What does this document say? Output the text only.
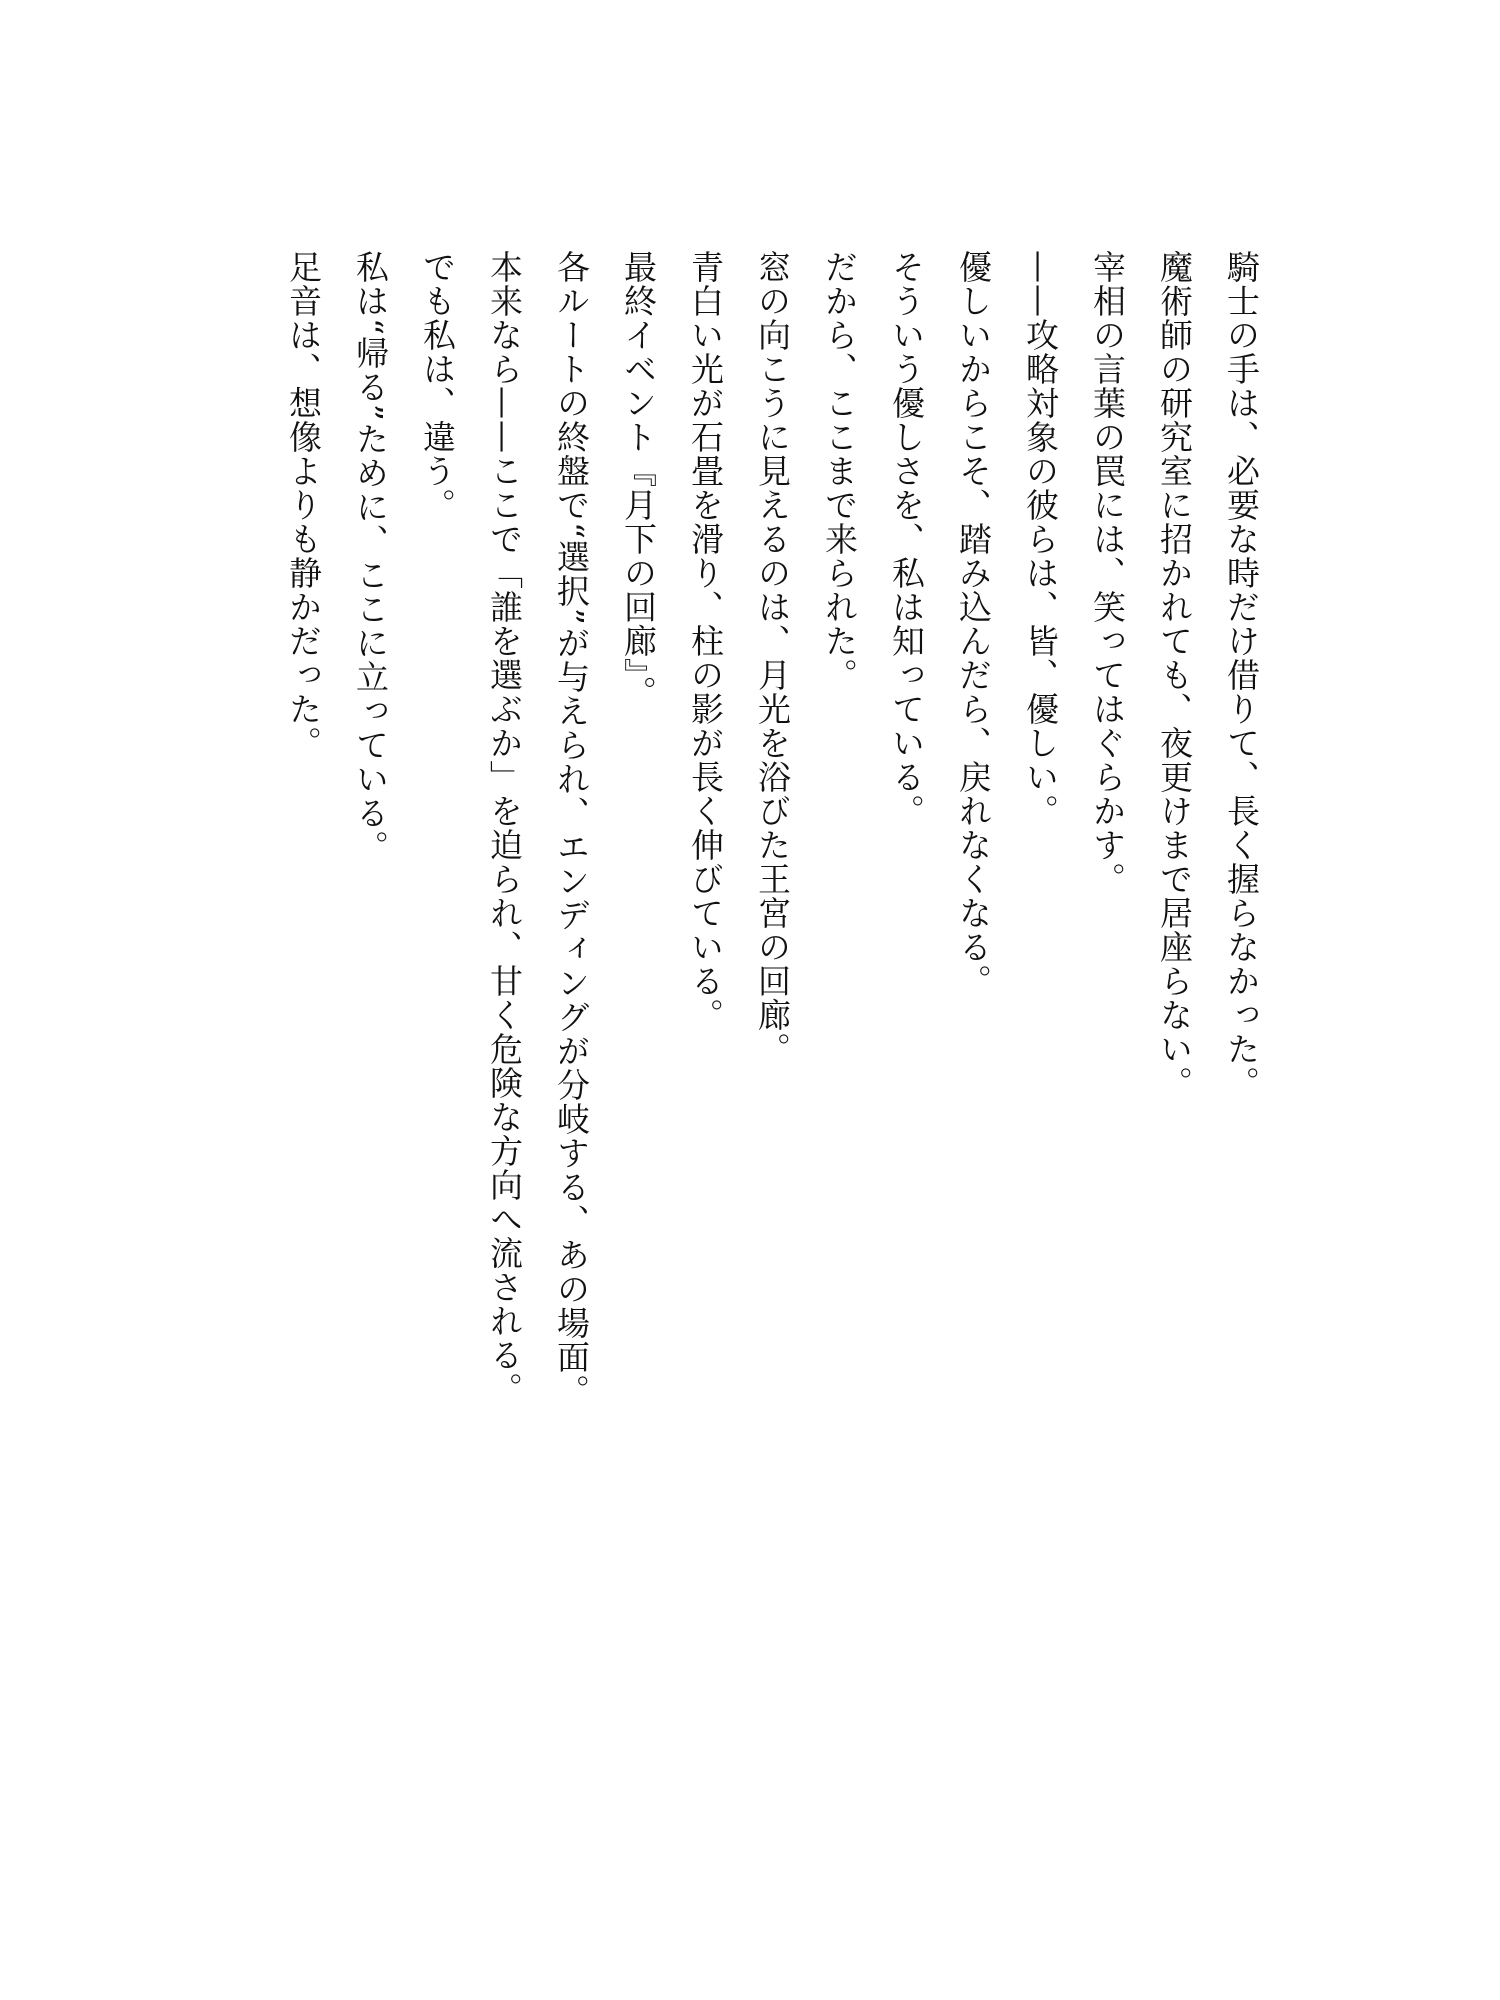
騎士の手は、必要な時だけ借りて、長く握らなかった。
魔術師の研究室に招かれても、夜更けまで居座らない。
宰相の言葉の罠には、笑ってはぐらかす。
——攻略対象の彼らは、皆、優しい。
優しいからこそ、踏み込んだら、戻れなくなる。
そういう優しさを、私は知っている。
だから、ここまで来られた。
窓の向こうに見えるのは、月光を浴びた王宮の回廊。
青白い光が石畳を滑り、柱の影が長く伸びている。
最終イベント『月下の回廊』。
各ルートの終盤で“選択”が与えられ、エンディングが分岐する、あの場面。
本来なら——ここで「誰を選ぶか」を迫られ、甘く危険な方向へ流される。
でも私は、違う。
私は“帰る”ために、ここに立っている。
足音は、想像よりも静かだった。
